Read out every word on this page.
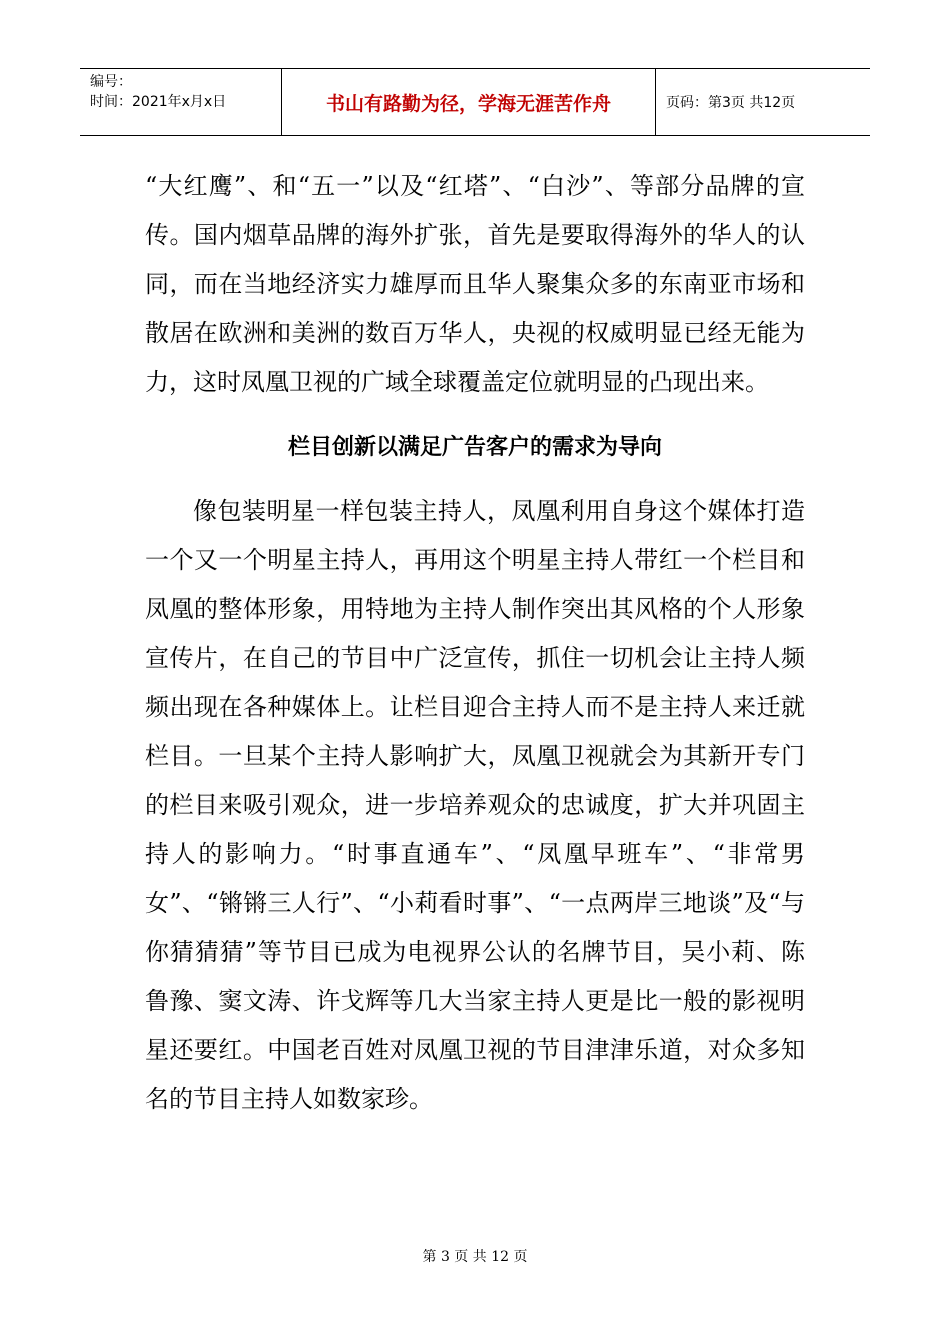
编号：
时间：2021年x月x日	书山有路勤为径，学海无涯苦作舟	页码：第3页 共12页

“大红鹰”、和“五一”以及“红塔”、“白沙”、等部分品牌的宣传。国内烟草品牌的海外扩张，首先是要取得海外的华人的认同，而在当地经济实力雄厚而且华人聚集众多的东南亚市场和散居在欧洲和美洲的数百万华人，央视的权威明显已经无能为力，这时凤凰卫视的广域全球覆盖定位就明显的凸现出来。

栏目创新以满足广告客户的需求为导向

像包装明星一样包装主持人，凤凰利用自身这个媒体打造一个又一个明星主持人，再用这个明星主持人带红一个栏目和凤凰的整体形象，用特地为主持人制作突出其风格的个人形象宣传片，在自己的节目中广泛宣传，抓住一切机会让主持人频频出现在各种媒体上。让栏目迎合主持人而不是主持人来迁就栏目。一旦某个主持人影响扩大，凤凰卫视就会为其新开专门的栏目来吸引观众，进一步培养观众的忠诚度，扩大并巩固主持人的影响力。“时事直通车”、“凤凰早班车”、“非常男女”、“锵锵三人行”、“小莉看时事”、“一点两岸三地谈”及“与你猜猜猜”等节目已成为电视界公认的名牌节目，吴小莉、陈鲁豫、窦文涛、许戈辉等几大当家主持人更是比一般的影视明星还要红。中国老百姓对凤凰卫视的节目津津乐道，对众多知名的节目主持人如数家珍。

第 3 页 共 12 页
